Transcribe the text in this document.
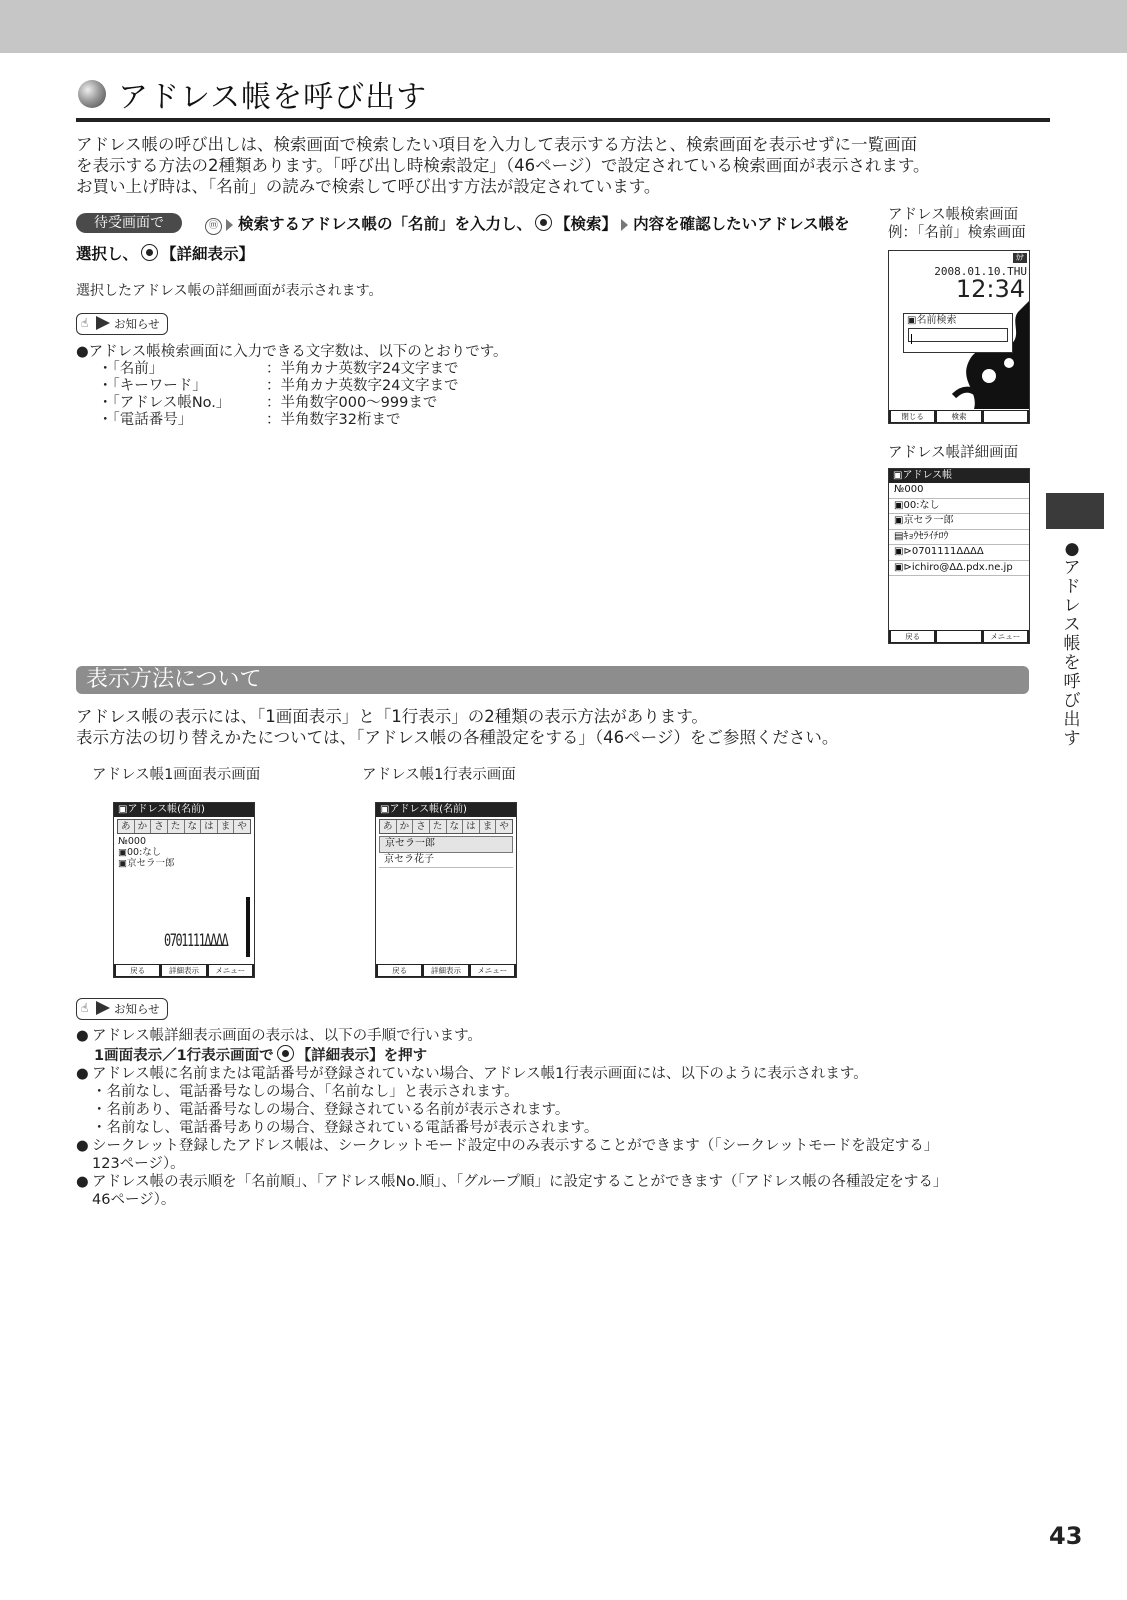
アドレス帳を呼び出す
アドレス帳の呼び出しは、検索画面で検索したい項目を入力して表示する方法と、検索画面を表示せずに一覧画面
を表示する方法の2種類あります。「呼び出し時検索設定」（46ページ）で設定されている検索画面が表示されます。
お買い上げ時は、「名前」の読みで検索して呼び出す方法が設定されています。
待受画面で	ⓜ 検索するアドレス帳の「名前」を入力し、 【検索】 内容を確認したいアドレス帳を
選択し、 【詳細表示】
選択したアドレス帳の詳細画面が表示されます。
☝ お知らせ
●アドレス帳検索画面に入力できる文字数は、以下のとおりです。
・「名前」	：半角カナ英数字24文字まで
・「キーワード」	：半角カナ英数字24文字まで
・「アドレス帳No.」	：半角数字000～999まで
・「電話番号」	：半角数字32桁まで
アドレス帳検索画面
例：「名前」検索画面
ｶﾅ
2008.01.10.THU
12:34
▣名前検索
閉じる	検索
アドレス帳詳細画面
▣アドレス帳
№000
▣00:なし
▣京セラ一郎
▤ｷｮｳｾﾗｲﾁﾛｳ
▣⊳0701111ΔΔΔΔ
▣⊳ichiro@ΔΔ.pdx.ne.jp
戻る	メニュー
表示方法について
アドレス帳の表示には、「1画面表示」と「1行表示」の2種類の表示方法があります。
表示方法の切り替えかたについては、「アドレス帳の各種設定をする」（46ページ）をご参照ください。
アドレス帳1画面表示画面
▣アドレス帳(名前)
あ か さ た な は ま や
№000
▣00:なし
▣京セラ一郎
0701111ΔΔΔΔ
戻る	詳細表示	メニュー
アドレス帳1行表示画面
▣アドレス帳(名前)
あ か さ た な は ま や
京セラ一郎
京セラ花子
戻る	詳細表示	メニュー
☝ お知らせ
● アドレス帳詳細表示画面の表示は、以下の手順で行います。
1画面表示／1行表示画面で 【詳細表示】を押す
● アドレス帳に名前または電話番号が登録されていない場合、アドレス帳1行表示画面には、以下のように表示されます。
・名前なし、電話番号なしの場合、「名前なし」と表示されます。
・名前あり、電話番号なしの場合、登録されている名前が表示されます。
・名前なし、電話番号ありの場合、登録されている電話番号が表示されます。
● シークレット登録したアドレス帳は、シークレットモード設定中のみ表示することができます（「シークレットモードを設定する」
123ページ）。
● アドレス帳の表示順を「名前順」、「アドレス帳No.順」、「グループ順」に設定することができます（「アドレス帳の各種設定をする」
46ページ）。
●
ア
ド
レ
ス
帳
を
呼
び
出
す
43
